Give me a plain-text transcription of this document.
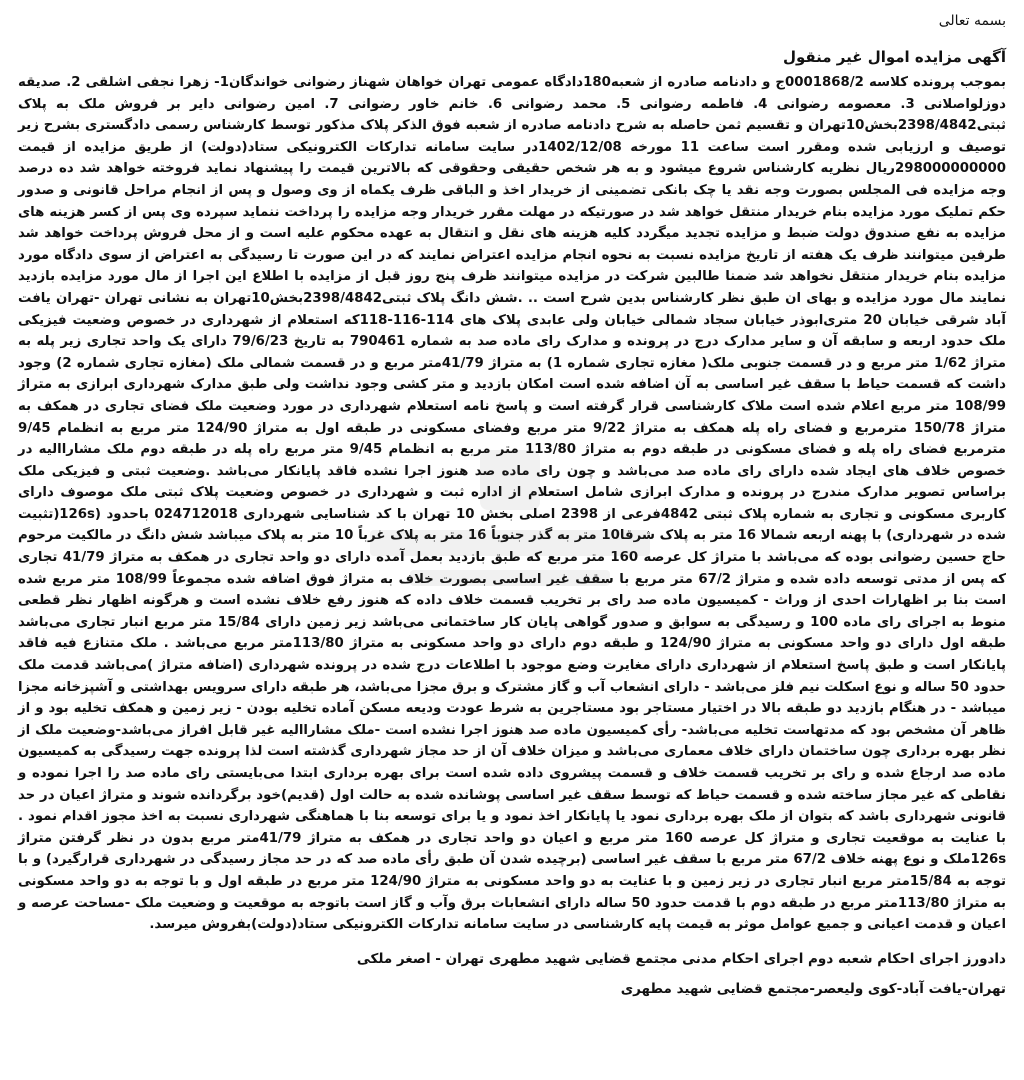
بسمه تعالی

آگهی مزایده اموال غیر منقول

بموجب پرونده کلاسه 0001868/2ج و دادنامه صادره از شعبه180دادگاه عمومی تهران خواهان شهناز رضوانی خواندگان1- زهرا نجفی اشلقی 2. صدیقه دوزلواصلانی 3. معصومه رضوانی 4. فاطمه رضوانی 5. محمد رضوانی 6. خانم خاور رضوانی 7. امین رضوانی دایر بر فروش ملک به پلاک ثبتی2398/4842بخش10تهران و تقسیم ثمن حاصله به شرح دادنامه صادره از شعبه فوق الذکر پلاک مذکور توسط کارشناس رسمی دادگستری بشرح زیر توصیف و ارزیابی شده ومقرر است ساعت 11 مورخه 1402/12/08در سایت سامانه تدارکات الکترونیکی ستاد(دولت) از طریق مزایده از قیمت 298000000000ریال نظریه کارشناس شروع میشود و به هر شخص حقیقی وحقوقی که بالاترین قیمت را پیشنهاد نماید فروخته خواهد شد ده درصد وجه مزایده فی المجلس بصورت وجه نقد یا چک بانکی تضمینی از خریدار اخذ و الباقی ظرف یکماه از وی وصول و پس از انجام مراحل قانونی و صدور حکم تملیک مورد مزایده بنام خریدار منتقل خواهد شد در صورتیکه در مهلت مقرر خریدار وجه مزایده را پرداخت ننماید سپرده وی پس از کسر هزینه های مزایده به نفع صندوق دولت ضبط و مزایده تجدید میگردد کلیه هزینه های نقل و انتقال به عهده محکوم علیه است و از محل فروش پرداخت خواهد شد طرفین میتوانند ظرف یک هفته از تاریخ مزایده نسبت به نحوه انجام مزایده اعتراض نمایند که در این صورت تا رسیدگی به اعتراض از سوی دادگاه مورد مزایده بنام خریدار منتقل نخواهد شد ضمنا طالبین شرکت در مزایده میتوانند ظرف پنج روز قبل از مزایده با اطلاع این اجرا از مال مورد مزایده بازدید نمایند مال مورد مزایده و بهای ان طبق نظر کارشناس بدین شرح است .. .شش دانگ پلاک ثبتی2398/4842بخش10تهران به نشانی تهران -تهران یافت آباد شرقی خیابان 20 متری‌ابوذر خیابان سجاد شمالی خیابان ولی عابدی پلاک های 114-116-118که استعلام از شهرداری در خصوص وضعیت فیزیکی ملک حدود اربعه و سابقه آن و سایر مدارک درج در پرونده و مدارک رای ماده صد به شماره 790461 به تاریخ 79/6/23 دارای یک واحد تجاری زیر پله به متراژ 1/62 متر مربع و در قسمت جنوبی ملک( مغازه تجاری شماره 1) به متراژ 41/79متر مربع و در قسمت شمالی ملک (مغازه تجاری شماره 2) وجود داشت که قسمت حیاط با سقف غیر اساسی به آن اضافه شده است امکان بازدید و متر کشی وجود نداشت ولی طبق مدارک شهرداری ابرازی به متراژ 108/99 متر مربع اعلام شده است ملاک کارشناسی قرار گرفته است و پاسخ نامه استعلام شهرداری در مورد وضعیت ملک فضای تجاری در همکف به متراژ 150/78 مترمربع و فضای راه پله همکف به متراژ 9/22 متر مربع وفضای مسکونی در طبقه اول به متراژ 124/90 متر مربع به انظمام 9/45 مترمربع فضای راه پله و فضای مسکونی در طبقه دوم به متراژ 113/80 متر مربع به انظمام 9/45 متر مربع راه پله در طبقه دوم ملک مشاراالیه در خصوص خلاف های ایجاد شده دارای رای ماده صد می‌باشد و چون رای ماده صد هنوز اجرا نشده فاقد پایانکار می‌باشد .وضعیت ثبتی و فیزیکی ملک براساس تصویر مدارک مندرج در پرونده و مدارک ابرازی شامل استعلام از اداره ثبت و شهرداری در خصوص وضعیت پلاک ثبتی ملک موصوف دارای کاربری مسکونی و تجاری به شماره پلاک ثبتی 4842فرعی از 2398 اصلی بخش 10 تهران با کد شناسایی شهرداری 024712018 باحدود (126s(تثبیت شده در شهرداری) با پهنه اربعه شمالا 16 متر به پلاک شرقا10 متر به گذر جنوباً 16 متر به پلاک غرباً 10 متر به پلاک میباشد شش دانگ در مالکیت مرحوم حاج حسین رضوانی بوده که می‌باشد با متراژ کل عرصه 160 متر مربع که طبق بازدید بعمل آمده دارای دو واحد تجاری در همکف به متراژ 41/79 تجاری که پس از مدتی توسعه داده شده و متراژ 67/2 متر مربع با سقف غیر اساسی بصورت خلاف به متراژ فوق اضافه شده مجموعاً 108/99 متر مربع شده است بنا بر اظهارات احدی از وراث - کمیسیون ماده صد رای بر تخریب قسمت خلاف داده که هنوز رفع خلاف نشده است و هرگونه اظهار نظر قطعی منوط به اجرای رای ماده 100 و رسیدگی به سوابق و صدور گواهی پایان کار ساختمانی می‌باشد زیر زمین دارای 15/84 متر مربع انبار تجاری می‌باشد طبقه اول دارای دو واحد مسکونی به متراژ 124/90 و طبقه دوم دارای دو واحد مسکونی به متراژ 113/80متر مربع می‌باشد . ملک متنازع فیه فاقد پایانکار است و طبق پاسخ استعلام از شهرداری دارای مغایرت وضع موجود با اطلاعات درج شده در پرونده شهرداری (اضافه متراژ )می‌باشد قدمت ملک حدود 50 ساله و نوع اسکلت نیم فلز می‌باشد - دارای انشعاب آب و گاز مشترک و برق مجزا می‌باشد، هر طبقه دارای سرویس بهداشتی و آشپزخانه مجزا میباشد - در هنگام بازدید دو طبقه بالا در اختیار مستاجر بود مستاجرین به شرط عودت ودیعه مسکن آماده تخلیه بودن - زیر زمین و همکف تخلیه بود و از ظاهر آن مشخص بود که مدتهاست تخلیه می‌باشد- رأی کمیسیون ماده صد هنوز اجرا نشده است -ملک مشاراالیه غیر قابل افراز می‌باشد-وضعیت ملک از نظر بهره برداری چون ساختمان دارای خلاف معماری می‌باشد و میزان خلاف آن از حد مجاز شهرداری گذشته است لذا پرونده جهت رسیدگی به کمیسیون ماده صد ارجاع شده و رای بر تخریب قسمت خلاف و قسمت پیشروی داده شده است برای بهره برداری ابتدا می‌بایستی رای ماده صد را اجرا نموده و نقاطی که غیر مجاز ساخته شده و قسمت حیاط که توسط سقف غیر اساسی پوشانده شده به حالت اول (قدیم)خود برگردانده شوند و متراژ اعیان در حد قانونی شهرداری باشد که بتوان از ملک بهره برداری نمود یا پایانکار اخذ نمود و یا برای توسعه بنا با هماهنگی شهرداری نسبت به اخذ مجوز اقدام نمود . با عنایت به موقعیت تجاری و متراژ کل عرصه 160 متر مربع و اعیان دو واحد تجاری در همکف به متراژ 41/79متر مربع بدون در نظر گرفتن متراژ 126sملک و نوع پهنه خلاف 67/2 متر مربع با سقف غیر اساسی (برچیده شدن آن طبق رأی ماده صد که در حد مجاز رسیدگی در شهرداری قرارگیرد) و با توجه به 15/84متر مربع انبار تجاری در زیر زمین و با عنایت به دو واحد مسکونی به متراژ 124/90 متر مربع در طبقه اول و با توجه به دو واحد مسکونی به متراژ 113/80متر مربع در طبقه دوم با قدمت حدود 50 ساله دارای انشعابات برق وآب و گاز است باتوجه به موقعیت و وضعیت ملک -مساحت عرصه و اعیان و قدمت اعیانی و جمیع عوامل موثر به قیمت پایه کارشناسی در سایت سامانه تدارکات الکترونیکی ستاد(دولت)بفروش میرسد.

دادورز اجرای احکام شعبه دوم اجرای احکام مدنی مجتمع قضایی شهید مطهری تهران - اصغر ملکی

تهران-یافت آباد-کوی ولیعصر-مجتمع قضایی شهید مطهری
